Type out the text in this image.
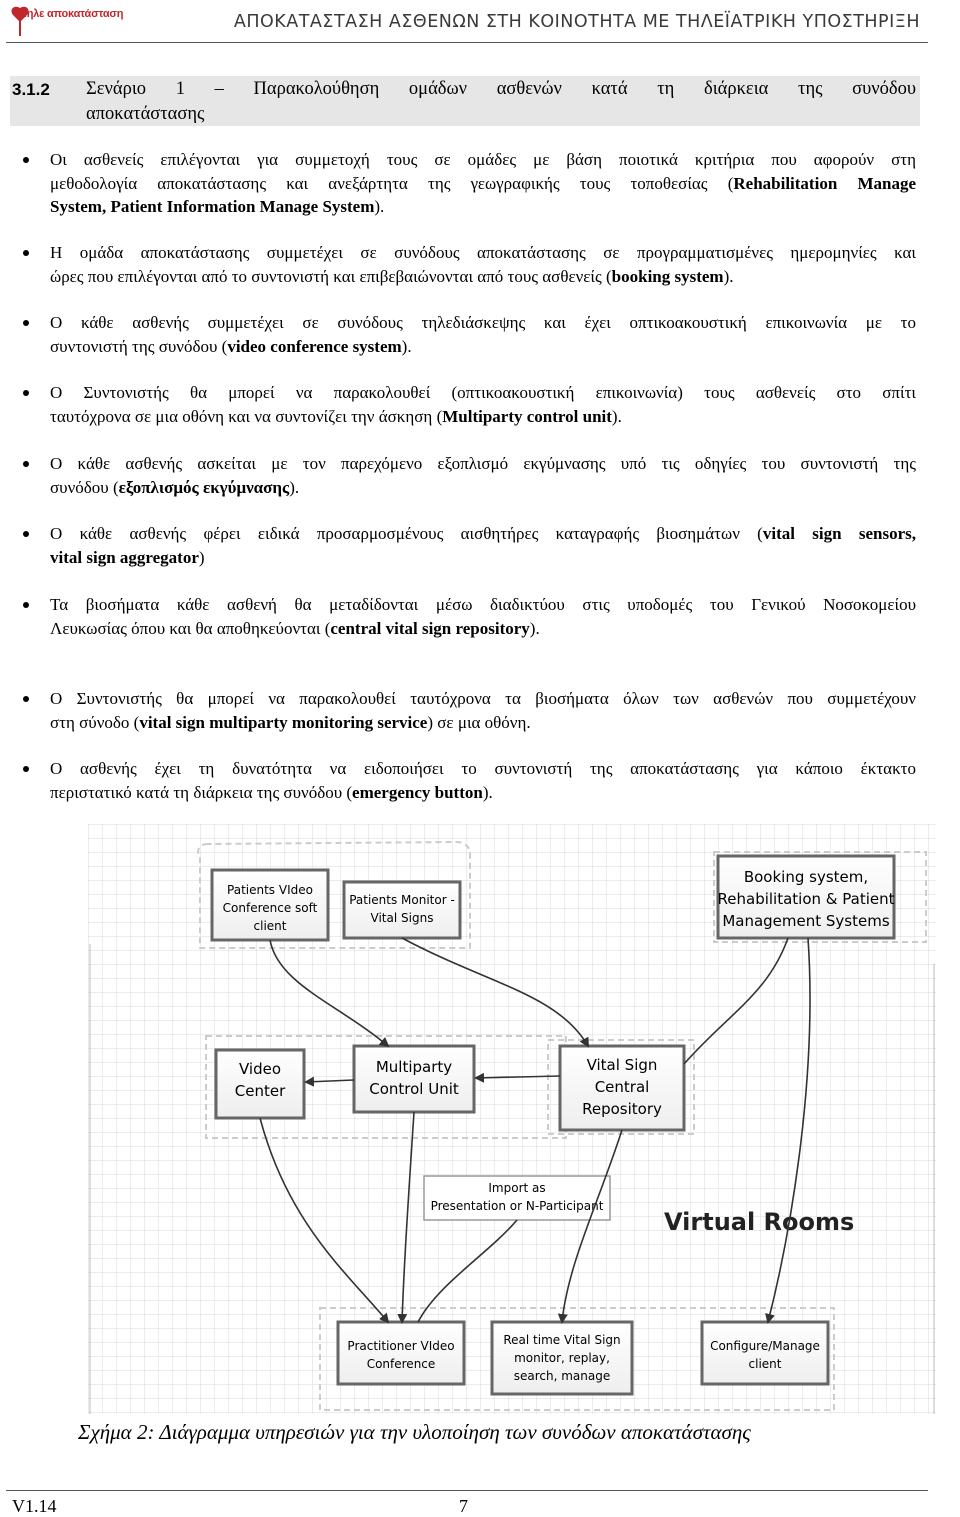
τηλε αποκατάσταση	ΑΠΟΚΑΤΑΣΤΑΣΗ ΑΣΘΕΝΩΝ ΣΤΗ ΚΟΙΝΟΤΗΤΑ ΜΕ ΤΗΛΕΪΑΤΡΙΚΗ ΥΠΟΣΤΗΡΙΞΗ
3.1.2 Σενάριο 1 – Παρακολούθηση ομάδων ασθενών κατά τη διάρκεια της συνόδου
αποκατάστασης
Οι ασθενείς επιλέγονται για συμμετοχή τους σε ομάδες με βάση ποιοτικά κριτήρια που αφορούν στη
μεθοδολογία αποκατάστασης και ανεξάρτητα της γεωγραφικής τους τοποθεσίας (Rehabilitation Manage
System, Patient Information Manage System).
Η ομάδα αποκατάστασης συμμετέχει σε συνόδους αποκατάστασης σε προγραμματισμένες ημερομηνίες και
ώρες που επιλέγονται από το συντονιστή και επιβεβαιώνονται από τους ασθενείς (booking system).
Ο κάθε ασθενής συμμετέχει σε συνόδους τηλεδιάσκεψης και έχει οπτικοακουστική επικοινωνία με το
συντονιστή της συνόδου (video conference system).
Ο Συντονιστής θα μπορεί να παρακολουθεί (οπτικοακουστική επικοινωνία) τους ασθενείς στο σπίτι
ταυτόχρονα σε μια οθόνη και να συντονίζει την άσκηση (Multiparty control unit).
Ο κάθε ασθενής ασκείται με τον παρεχόμενο εξοπλισμό εκγύμνασης υπό τις οδηγίες του συντονιστή της
συνόδου (εξοπλισμός εκγύμνασης).
Ο κάθε ασθενής φέρει ειδικά προσαρμοσμένους αισθητήρες καταγραφής βιοσημάτων (vital sign sensors,
vital sign aggregator)
Τα βιοσήματα κάθε ασθενή θα μεταδίδονται μέσω διαδικτύου στις υποδομές του Γενικού Νοσοκομείου
Λευκωσίας όπου και θα αποθηκεύονται (central vital sign repository).
Ο Συντονιστής θα μπορεί να παρακολουθεί ταυτόχρονα τα βιοσήματα όλων των ασθενών που συμμετέχουν
στη σύνοδο (vital sign multiparty monitoring service) σε μια οθόνη.
Ο ασθενής έχει τη δυνατότητα να ειδοποιήσει το συντονιστή της αποκατάστασης για κάποιο έκτακτο
περιστατικό κατά τη διάρκεια της συνόδου (emergency button).
Patients VIdeo
Conference soft
client
Patients Monitor -
Vital Signs
Booking system,
Rehabilitation & Patient
Management Systems
Video
Center
Multiparty
Control Unit
Vital Sign
Central
Repository
Import as
Presentation or N-Participant
Virtual Rooms
Practitioner VIdeo
Conference
Real time Vital Sign
monitor, replay,
search, manage
Configure/Manage
client
Σχήμα 2: Διάγραμμα υπηρεσιών για την υλοποίηση των συνόδων αποκατάστασης
V1.14	7
